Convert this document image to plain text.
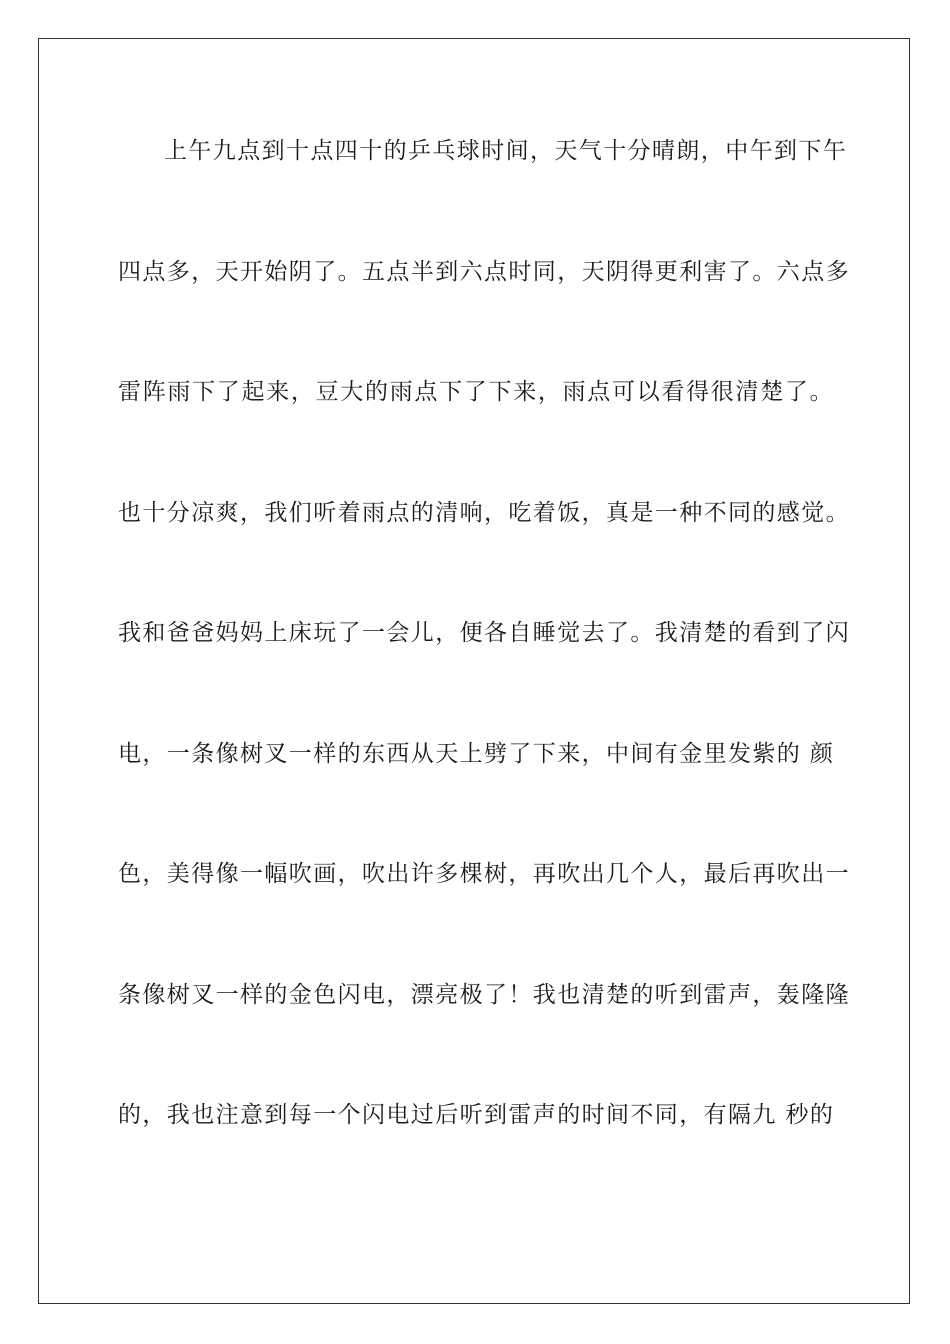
上午九点到十点四十的乒乓球时间，天气十分晴朗，中午到下午
四点多，天开始阴了。五点半到六点时同，天阴得更利害了。六点多
雷阵雨下了起来，豆大的雨点下了下来，雨点可以看得很清楚了。
也十分凉爽，我们听着雨点的清响，吃着饭，真是一种不同的感觉。
我和爸爸妈妈上床玩了一会儿，便各自睡觉去了。我清楚的看到了闪
电，一条像树叉一样的东西从天上劈了下来，中间有金里发紫的 颜
色，美得像一幅吹画，吹出许多棵树，再吹出几个人，最后再吹出一
条像树叉一样的金色闪电，漂亮极了！我也清楚的听到雷声，轰隆隆
的，我也注意到每一个闪电过后听到雷声的时间不同，有隔九 秒的
